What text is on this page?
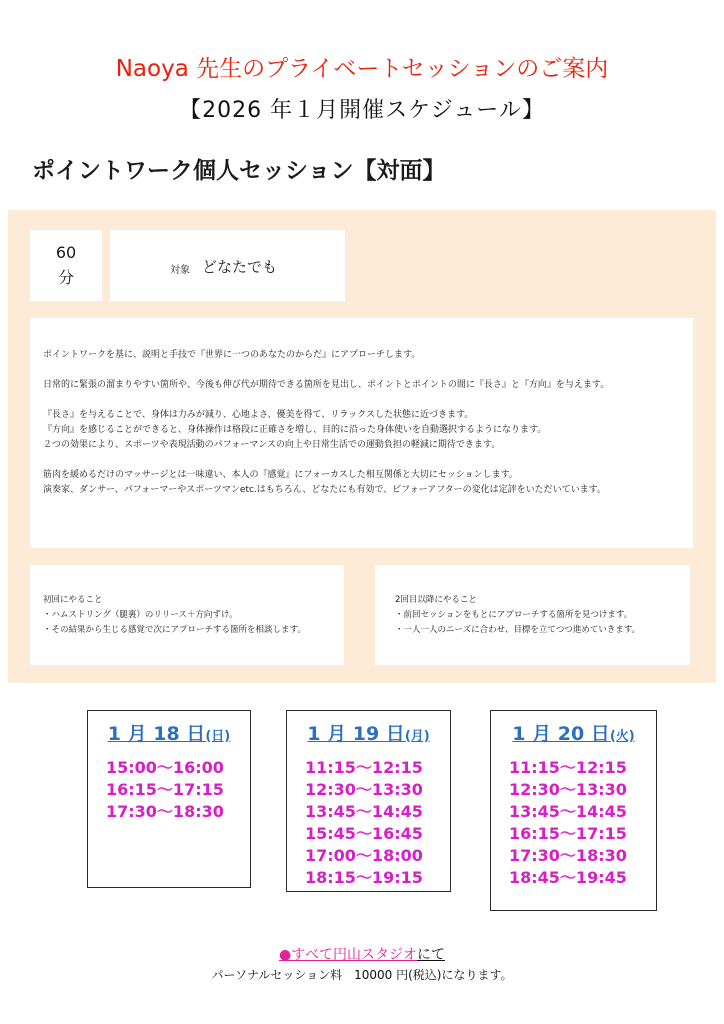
Naoya 先生のプライベートセッションのご案内
【2026 年１月開催スケジュール】
ポイントワーク個人セッション【対面】
60
分	対象 どなたでも

ポイントワークを基に、説明と手技で『世界に一つのあなたのからだ』にアプローチします。

日常的に緊張の溜まりやすい箇所や、今後も伸び代が期待できる箇所を見出し、ポイントとポイントの間に『長さ』と『方向』を与えます。

『長さ』を与えることで、身体は力みが減り、心地よさ、優美を得て、リラックスした状態に近づきます。
『方向』を感じることができると、身体操作は格段に正確さを増し、目的に沿った身体使いを自動選択するようになります。
２つの効果により、スポーツや表現活動のパフォーマンスの向上や日常生活での運動負担の軽減に期待できます。

筋肉を緩めるだけのマッサージとは一味違い、本人の『感覚』にフォーカスした相互関係と大切にセッションします。
演奏家、ダンサー、パフォーマーやスポーツマンetc.はもちろん、どなたにも有効で、ビフォーアフターの変化は定評をいただいています。

初回にやること
・ハムストリング（腿裏）のリリース＋方向ずけ。
・その結果から生じる感覚で次にアプローチする箇所を相談します。
2回目以降にやること
・前回セッションをもとにアプローチする箇所を見つけます。
・一人一人のニーズに合わせ、目標を立てつつ進めていきます。
1 月 18 日(日)
15:00〜16:00
16:15〜17:15
17:30〜18:30
1 月 19 日(月)
11:15〜12:15
12:30〜13:30
13:45〜14:45
15:45〜16:45
17:00〜18:00
18:15〜19:15
1 月 20 日(火)
11:15〜12:15
12:30〜13:30
13:45〜14:45
16:15〜17:15
17:30〜18:30
18:45〜19:45
●すべて円山スタジオにて
パーソナルセッション料　10000 円(税込)になります。
